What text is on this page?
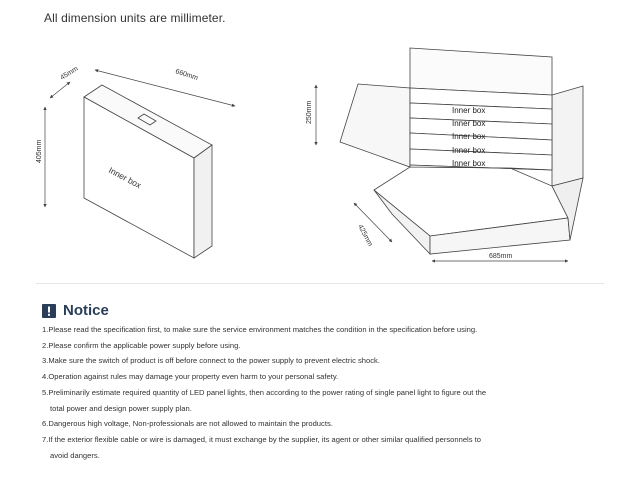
All dimension units are millimeter.
Inner box
45mm	660mm
405mm
Inner box
Inner box
Inner box
Inner box
Inner box
250mm
425mm
685mm
Notice
1.Please read the specification first, to make sure the service environment matches the condition in the specification before using.
2.Please confirm the applicable power supply before using.
3.Make sure the switch of product is off before connect to the power supply to prevent electric shock.
4.Operation against rules may damage your property even harm to your personal safety.
5.Preliminarily estimate required quantity of LED panel lights, then according to the power rating of single panel light to figure out the
total power and design power supply plan.
6.Dangerous high voltage, Non-professionals are not allowed to maintain the products.
7.If the exterior flexible cable or wire is damaged, it must exchange by the supplier, its agent or other similar qualified personnels to
avoid dangers.
